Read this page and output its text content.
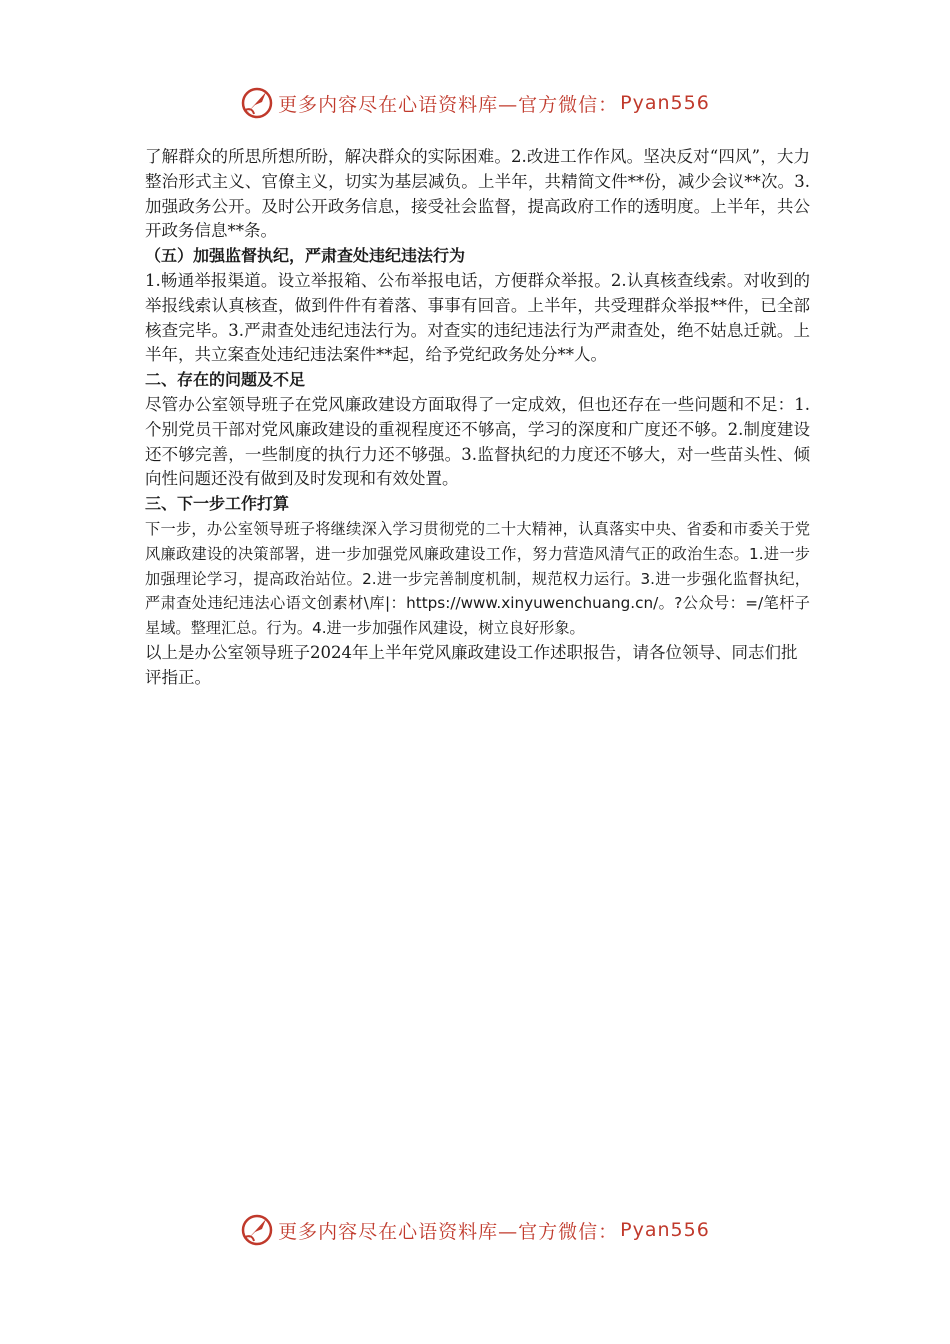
更多内容尽在心语资料库—官方微信： Pyan556

了解群众的所思所想所盼，解决群众的实际困难。2.改进工作作风。坚决反对“四风”，大力整治形式主义、官僚主义，切实为基层减负。上半年，共精简文件**份，减少会议**次。3.加强政务公开。及时公开政务信息，接受社会监督，提高政府工作的透明度。上半年，共公开政务信息**条。

（五）加强监督执纪，严肃查处违纪违法行为

1.畅通举报渠道。设立举报箱、公布举报电话，方便群众举报。2.认真核查线索。对收到的举报线索认真核查，做到件件有着落、事事有回音。上半年，共受理群众举报**件，已全部核查完毕。3.严肃查处违纪违法行为。对查实的违纪违法行为严肃查处，绝不姑息迁就。上半年，共立案查处违纪违法案件**起，给予党纪政务处分**人。

二、存在的问题及不足

尽管办公室领导班子在党风廉政建设方面取得了一定成效，但也还存在一些问题和不足：1.个别党员干部对党风廉政建设的重视程度还不够高，学习的深度和广度还不够。2.制度建设还不够完善，一些制度的执行力还不够强。3.监督执纪的力度还不够大，对一些苗头性、倾向性问题还没有做到及时发现和有效处置。

三、下一步工作打算

下一步，办公室领导班子将继续深入学习贯彻党的二十大精神，认真落实中央、省委和市委关于党风廉政建设的决策部署，进一步加强党风廉政建设工作，努力营造风清气正的政治生态。1.进一步加强理论学习，提高政治站位。2.进一步完善制度机制，规范权力运行。3.进一步强化监督执纪，严肃查处违纪违法心语文创素材\库|：https://www.xinyuwenchuang.cn/。?公众号：=/笔杆子星域。整理汇总。行为。4.进一步加强作风建设，树立良好形象。

以上是办公室领导班子2024年上半年党风廉政建设工作述职报告，请各位领导、同志们批评指正。

更多内容尽在心语资料库—官方微信： Pyan556
